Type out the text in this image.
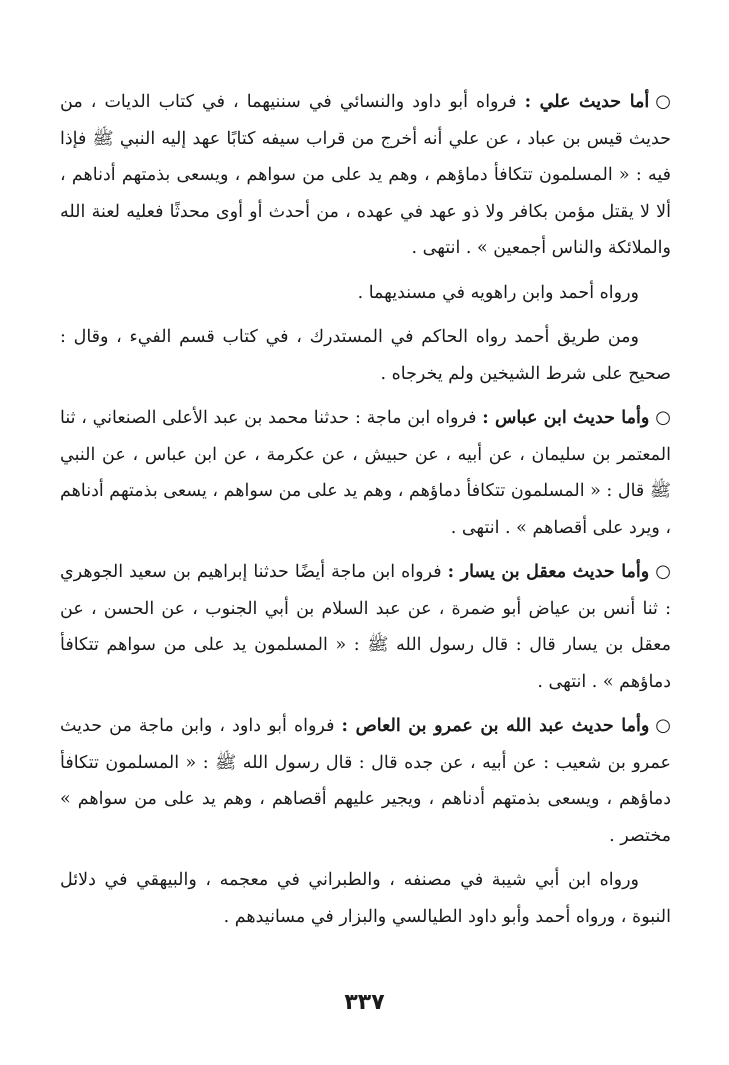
○أما حديث علي : فرواه أبو داود والنسائي في سننيهما ، في كتاب الديات ، من حديث قيس بن عباد ، عن علي أنه أخرج من قراب سيفه كتابًا عهد إليه النبي ﷺ فإذا فيه : « المسلمون تتكافأ دماؤهم ، وهم يد على من سواهم ، ويسعى بذمتهم أدناهم ، ألا لا يقتل مؤمن بكافر ولا ذو عهد في عهده ، من أحدث أو أوى محدثًا فعليه لعنة الله والملائكة والناس أجمعين » . انتهى .

ورواه أحمد وابن راهويه في مسنديهما .

ومن طريق أحمد رواه الحاكم في المستدرك ، في كتاب قسم الفيء ، وقال : صحيح على شرط الشيخين ولم يخرجاه .

○وأما حديث ابن عباس : فرواه ابن ماجة : حدثنا محمد بن عبد الأعلى الصنعاني ، ثنا المعتمر بن سليمان ، عن أبيه ، عن حبيش ، عن عكرمة ، عن ابن عباس ، عن النبي ﷺ قال : « المسلمون تتكافأ دماؤهم ، وهم يد على من سواهم ، يسعى بذمتهم أدناهم ، ويرد على أقصاهم » . انتهى .

○وأما حديث معقل بن يسار : فرواه ابن ماجة أيضًا حدثنا إبراهيم بن سعيد الجوهري : ثنا أنس بن عياض أبو ضمرة ، عن عبد السلام بن أبي الجنوب ، عن الحسن ، عن معقل بن يسار قال : قال رسول الله ﷺ : « المسلمون يد على من سواهم تتكافأ دماؤهم » . انتهى .

○وأما حديث عبد الله بن عمرو بن العاص : فرواه أبو داود ، وابن ماجة من حديث عمرو بن شعيب : عن أبيه ، عن جده قال : قال رسول الله ﷺ : « المسلمون تتكافأ دماؤهم ، ويسعى بذمتهم أدناهم ، ويجير عليهم أقصاهم ، وهم يد على من سواهم » مختصر .

ورواه ابن أبي شيبة في مصنفه ، والطبراني في معجمه ، والبيهقي في دلائل النبوة ، ورواه أحمد وأبو داود الطيالسي والبزار في مسانيدهم .

٣٣٧
